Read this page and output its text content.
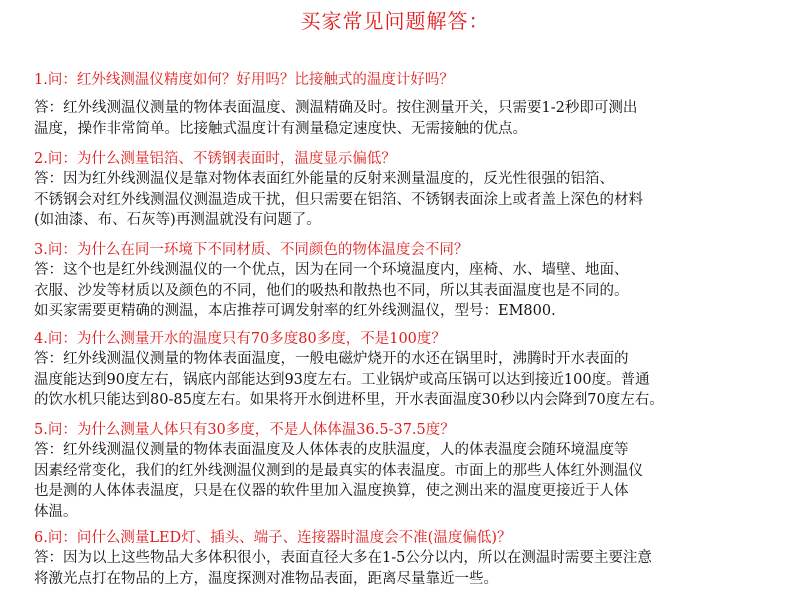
买家常见问题解答：
1.问：红外线测温仪精度如何？好用吗？比接触式的温度计好吗？
答：红外线测温仪测量的物体表面温度、测温精确及时。按住测量开关，只需要1-2秒即可测出
温度，操作非常简单。比接触式温度计有测量稳定速度快、无需接触的优点。
2.问：为什么测量铝箔、不锈钢表面时，温度显示偏低？
答：因为红外线测温仪是靠对物体表面红外能量的反射来测量温度的，反光性很强的铝箔、
不锈钢会对红外线测温仪测温造成干扰，但只需要在铝箔、不锈钢表面涂上或者盖上深色的材料
(如油漆、布、石灰等)再测温就没有问题了。
3.问：为什么在同一环境下不同材质、不同颜色的物体温度会不同？
答：这个也是红外线测温仪的一个优点，因为在同一个环境温度内，座椅、水、墙壁、地面、
衣服、沙发等材质以及颜色的不同，他们的吸热和散热也不同，所以其表面温度也是不同的。
如买家需要更精确的测温，本店推荐可调发射率的红外线测温仪，型号：EM800.
4.问：为什么测量开水的温度只有70多度80多度，不是100度？
答：红外线测温仪测量的物体表面温度，一般电磁炉烧开的水还在锅里时，沸腾时开水表面的
温度能达到90度左右，锅底内部能达到93度左右。工业锅炉或高压锅可以达到接近100度。普通
的饮水机只能达到80-85度左右。如果将开水倒进杯里，开水表面温度30秒以内会降到70度左右。
5.问：为什么测量人体只有30多度，不是人体体温36.5-37.5度？
答：红外线测温仪测量的物体表面温度及人体体表的皮肤温度，人的体表温度会随环境温度等
因素经常变化，我们的红外线测温仪测到的是最真实的体表温度。市面上的那些人体红外测温仪
也是测的人体体表温度，只是在仪器的软件里加入温度换算，使之测出来的温度更接近于人体
体温。
6.问：问什么测量LED灯、插头、端子、连接器时温度会不准(温度偏低)？
答：因为以上这些物品大多体积很小，表面直径大多在1-5公分以内，所以在测温时需要主要注意
将激光点打在物品的上方，温度探测对准物品表面，距离尽量靠近一些。
